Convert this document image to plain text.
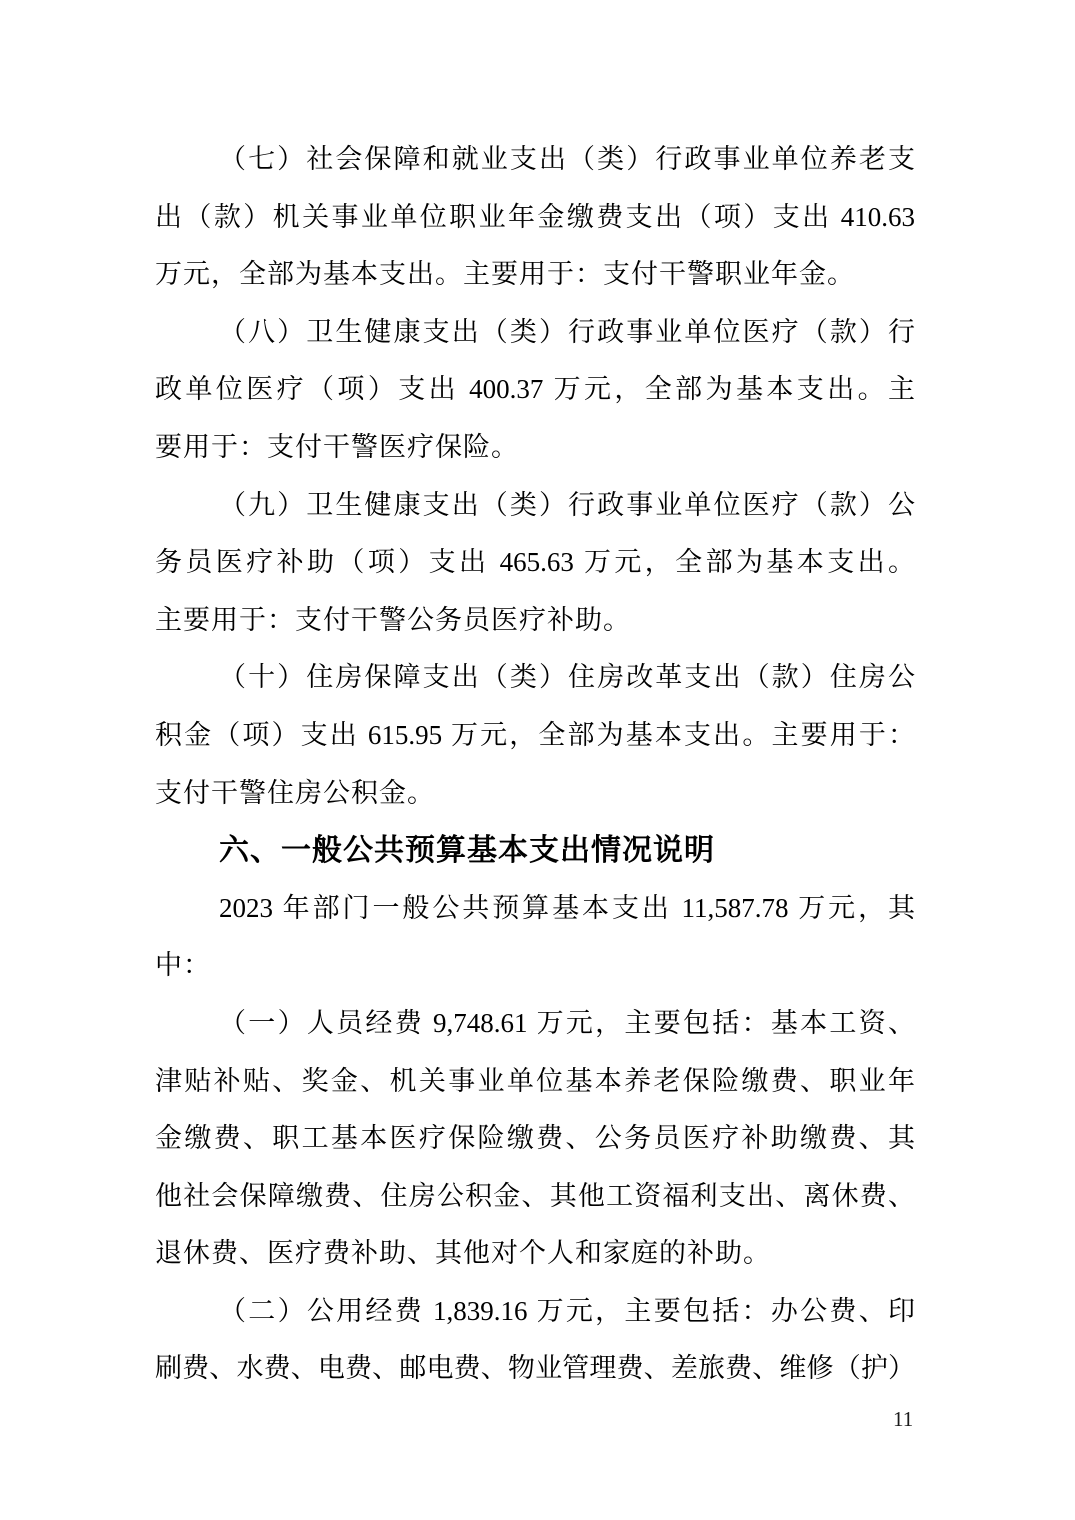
（七）社会保障和就业支出（类）行政事业单位养老支
出（款）机关事业单位职业年金缴费支出（项）支出 410.63
万元，全部为基本支出。主要用于：支付干警职业年金。
（八）卫生健康支出（类）行政事业单位医疗（款）行
政单位医疗（项）支出 400.37 万元，全部为基本支出。主
要用于：支付干警医疗保险。
（九）卫生健康支出（类）行政事业单位医疗（款）公
务员医疗补助（项）支出 465.63 万元，全部为基本支出。
主要用于：支付干警公务员医疗补助。
（十）住房保障支出（类）住房改革支出（款）住房公
积金（项）支出 615.95 万元，全部为基本支出。主要用于：
支付干警住房公积金。
六、一般公共预算基本支出情况说明
2023 年部门一般公共预算基本支出 11,587.78 万元，其
中：
（一）人员经费 9,748.61 万元，主要包括：基本工资、
津贴补贴、奖金、机关事业单位基本养老保险缴费、职业年
金缴费、职工基本医疗保险缴费、公务员医疗补助缴费、其
他社会保障缴费、住房公积金、其他工资福利支出、离休费、
退休费、医疗费补助、其他对个人和家庭的补助。
（二）公用经费 1,839.16 万元，主要包括：办公费、印
刷费、水费、电费、邮电费、物业管理费、差旅费、维修（护）
11
